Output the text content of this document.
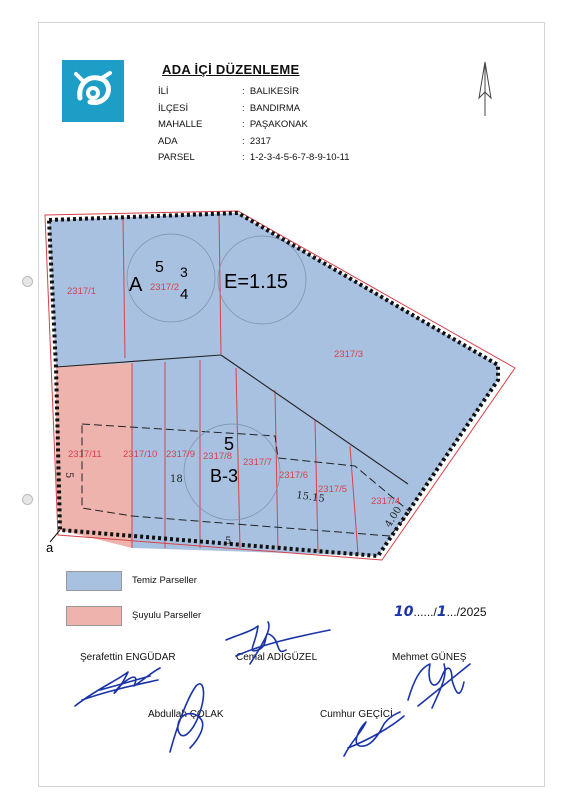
ADA İÇİ DÜZENLEME
İLİ	: BALIKESİR
İLÇESİ	: BANDIRMA
MAHALLE	: PAŞAKONAK
ADA	: 2317
PARSEL	: 1-2-3-4-5-6-7-8-9-10-11
A
5 3
4
E=1.15
5
B-3
2317/1	2317/2
2317/3
2317/4
2317/5
2317/6
2317/7
2317/8
2317/9
2317/10
2317/11
5	18
5
15.15
4.00
a
Temiz Parseller
Şuyulu Parseller	10....../1.../2025
Şerafettin ENGÜDAR	Cemal ADIGÜZEL	Mehmet GÜNEŞ
Abdullah ÇOLAK	Cumhur GEÇİCİ
